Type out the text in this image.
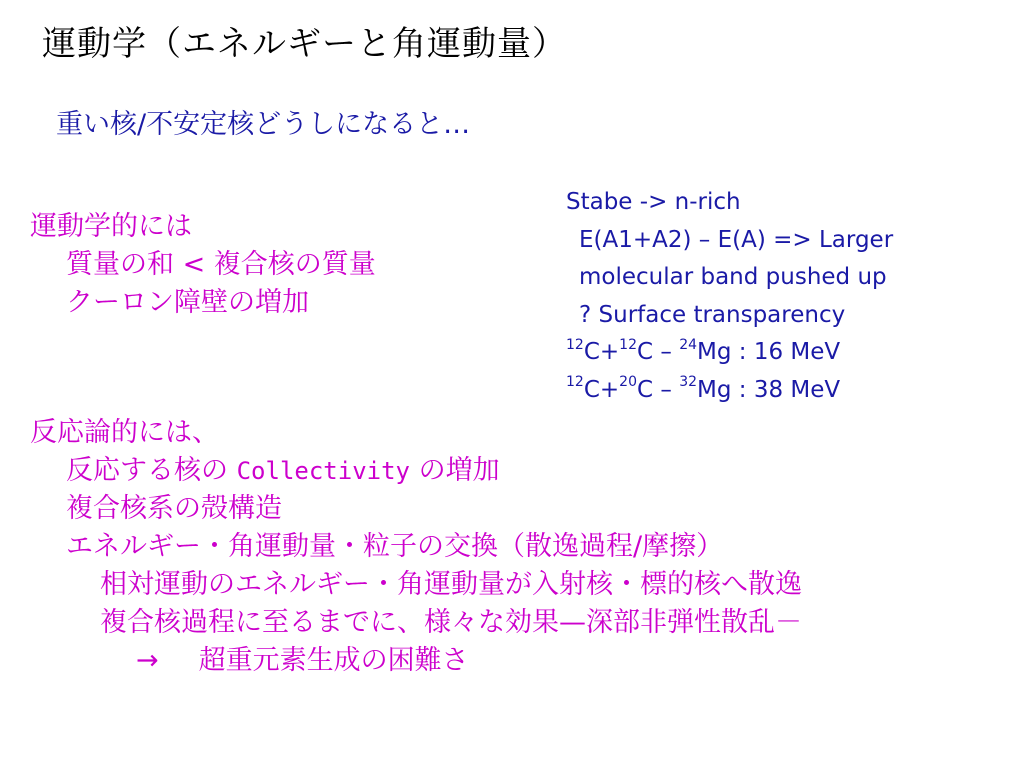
運動学（エネルギーと角運動量）
重い核/不安定核どうしになると…
運動学的には
質量の和 < 複合核の質量
クーロン障壁の増加
Stabe -> n-rich
E(A1+A2) – E(A) => Larger
molecular band pushed up
? Surface transparency
$^{12}$C+$^{12}$C – $^{24}$Mg : 16 MeV
$^{12}$C+$^{20}$C – $^{32}$Mg : 38 MeV
反応論的には、
反応する核の Collectivity の増加
複合核系の殻構造
エネルギー・角運動量・粒子の交換（散逸過程/摩擦）
相対運動のエネルギー・角運動量が入射核・標的核へ散逸
複合核過程に至るまでに、様々な効果—深部非弾性散乱－
→ 超重元素生成の困難さ
